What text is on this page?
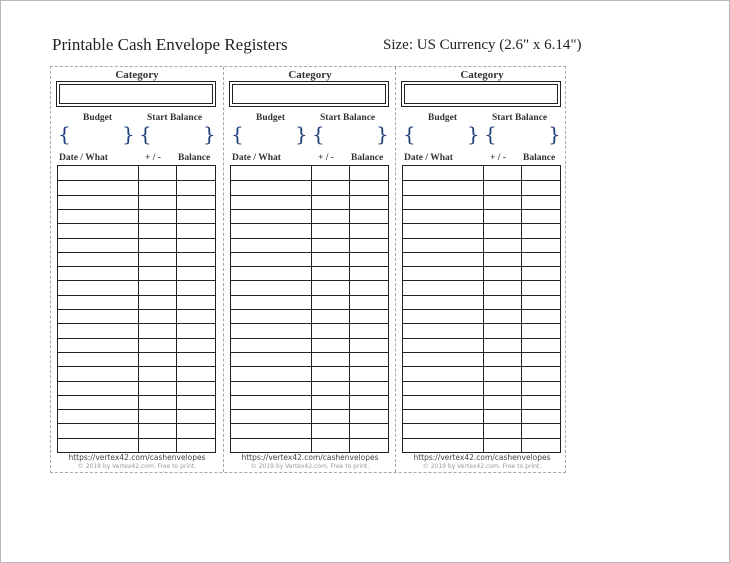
Printable Cash Envelope Registers	Size: US Currency (2.6" x 6.14")
Category
Budget	Start Balance
{	} {	}
Date / What	+ / - Balance
https://vertex42.com/cashenvelopes
© 2019 by Vertex42.com. Free to print.
Category
Budget	Start Balance
{	} {	}
Date / What	+ / - Balance
https://vertex42.com/cashenvelopes
© 2019 by Vertex42.com. Free to print.
Category
Budget	Start Balance
{	} {	}
Date / What	+ / - Balance
https://vertex42.com/cashenvelopes
© 2019 by Vertex42.com. Free to print.
